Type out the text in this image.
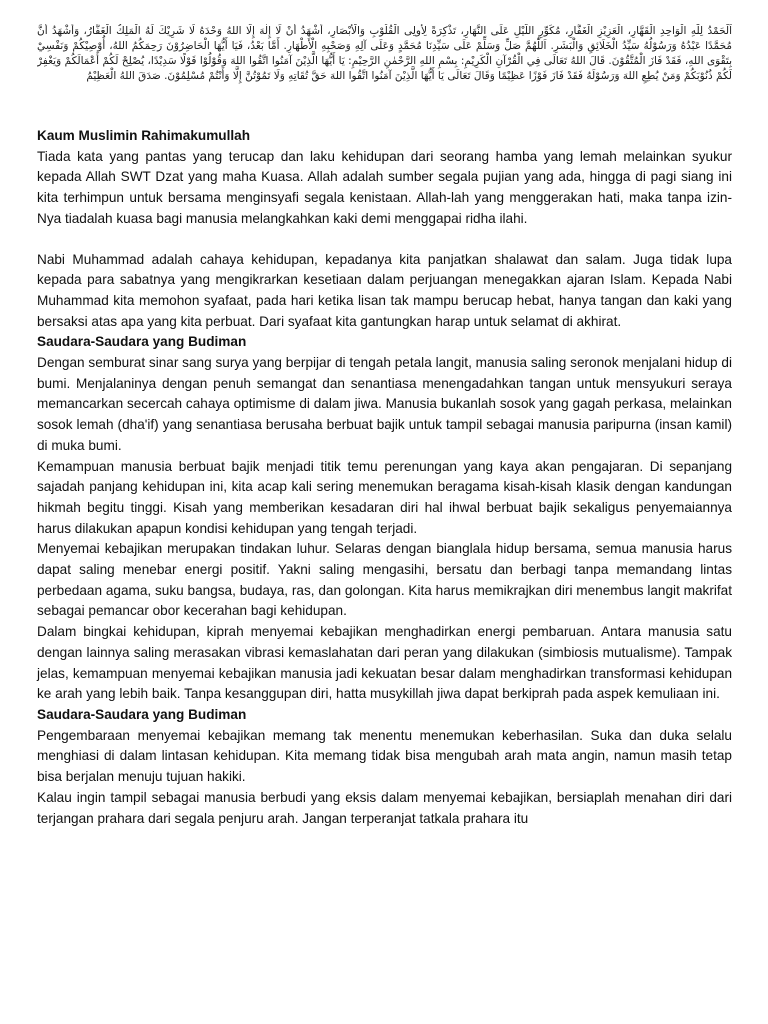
اَلْحَمْدُ لِلّٰهِ الْوَاحِدِ الْقَهَّارِ، الْعَزِيْزِ الْغَفَّارِ، مُكَوِّرِ اللَّيْلِ عَلَى النَّهَارِ، تَذْكِرَةً لِأُولِى الْقُلُوْبِ وَالْأَبْصَارِ، أَشْهَدُ أَنْ لَا إِلٰهَ إِلَّا اللهُ وَحْدَهُ لَا شَرِيْكَ لَهُ الْمَلِكُ الْغَفَّارُ، وَأَشْهَدُ أَنَّ مُحَمَّدًا عَبْدُهُ وَرَسُوْلُهُ سَيِّدُ الْخَلَائِقِ وَالْبَشَرِ. اَللّٰهُمَّ صَلِّ وَسَلِّمْ عَلَى سَيِّدِنَا مُحَمَّدٍ وَعَلَى آلِهِ وَصَحْبِهِ الْأَطْهَارِ. أَمَّا بَعْدُ، فَيَا أَيُّهَا الْحَاضِرُوْنَ رَحِمَكُمُ اللهُ، أُوْصِيْكُمْ وَنَفْسِيْ بِتَقْوَى اللهِ، فَقَدْ فَازَ الْمُتَّقُوْنَ. قَالَ اللهُ تَعَالَى فِي الْقُرْآنِ الْكَرِيْمِ: بِسْمِ اللهِ الرَّحْمٰنِ الرَّحِيْمِ: يَا أَيُّهَا الَّذِيْنَ آمَنُوا اتَّقُوا اللهَ وَقُوْلُوْا قَوْلًا سَدِيْدًا، يُصْلِحْ لَكُمْ أَعْمَالَكُمْ وَيَغْفِرْ لَكُمْ ذُنُوْبَكُمْ وَمَنْ يُطِعِ اللهَ وَرَسُوْلَهُ فَقَدْ فَازَ فَوْزًا عَظِيْمًا وَقَالَ تَعَالَى يَا أَيُّهَا الَّذِيْنَ آمَنُوا اتَّقُوا اللهَ حَقَّ تُقَاتِهِ وَلَا تَمُوْتُنَّ إِلَّا وَأَنْتُمْ مُسْلِمُوْنَ. صَدَقَ اللهُ الْعَظِيْمُ

Kaum Muslimin Rahimakumullah

Tiada kata yang pantas yang terucap dan laku kehidupan dari seorang hamba yang lemah melainkan syukur kepada Allah SWT Dzat yang maha Kuasa. Allah adalah sumber segala pujian yang ada, hingga di pagi siang ini kita terhimpun untuk bersama menginsyafi segala kenistaan. Allah-lah yang menggerakan hati, maka tanpa izin-Nya tiadalah kuasa bagi manusia melangkahkan kaki demi menggapai ridha ilahi.

Nabi Muhammad adalah cahaya kehidupan, kepadanya kita panjatkan shalawat dan salam. Juga tidak lupa kepada para sabatnya yang mengikrarkan kesetiaan dalam perjuangan menegakkan ajaran Islam. Kepada Nabi Muhammad kita memohon syafaat, pada hari ketika lisan tak mampu berucap hebat, hanya tangan dan kaki yang bersaksi atas apa yang kita perbuat. Dari syafaat kita gantungkan harap untuk selamat di akhirat.

Saudara-Saudara yang Budiman

Dengan semburat sinar sang surya yang berpijar di tengah petala langit, manusia saling seronok menjalani hidup di bumi. Menjalaninya dengan penuh semangat dan senantiasa menengadahkan tangan untuk mensyukuri seraya memancarkan secercah cahaya optimisme di dalam jiwa. Manusia bukanlah sosok yang gagah perkasa, melainkan sosok lemah (dha'if) yang senantiasa berusaha berbuat bajik untuk tampil sebagai manusia paripurna (insan kamil) di muka bumi.

Kemampuan manusia berbuat bajik menjadi titik temu perenungan yang kaya akan pengajaran. Di sepanjang sajadah panjang kehidupan ini, kita acap kali sering menemukan beragama kisah-kisah klasik dengan kandungan hikmah begitu tinggi. Kisah yang memberikan kesadaran diri hal ihwal berbuat bajik sekaligus penyemaiannya harus dilakukan apapun kondisi kehidupan yang tengah terjadi.

Menyemai kebajikan merupakan tindakan luhur. Selaras dengan bianglala hidup bersama, semua manusia harus dapat saling menebar energi positif. Yakni saling mengasihi, bersatu dan berbagi tanpa memandang lintas perbedaan agama, suku bangsa, budaya, ras, dan golongan. Kita harus memikrajkan diri menembus langit makrifat sebagai pemancar obor kecerahan bagi kehidupan.

Dalam bingkai kehidupan, kiprah menyemai kebajikan menghadirkan energi pembaruan. Antara manusia satu dengan lainnya saling merasakan vibrasi kemaslahatan dari peran yang dilakukan (simbiosis mutualisme). Tampak jelas, kemampuan menyemai kebajikan manusia jadi kekuatan besar dalam menghadirkan transformasi kehidupan ke arah yang lebih baik. Tanpa kesanggupan diri, hatta musykillah jiwa dapat berkiprah pada aspek kemuliaan ini.

Saudara-Saudara yang Budiman

Pengembaraan menyemai kebajikan memang tak menentu menemukan keberhasilan. Suka dan duka selalu menghiasi di dalam lintasan kehidupan. Kita memang tidak bisa mengubah arah mata angin, namun masih tetap bisa berjalan menuju tujuan hakiki.

Kalau ingin tampil sebagai manusia berbudi yang eksis dalam menyemai kebajikan, bersiaplah menahan diri dari terjangan prahara dari segala penjuru arah. Jangan terperanjat tatkala prahara itu
